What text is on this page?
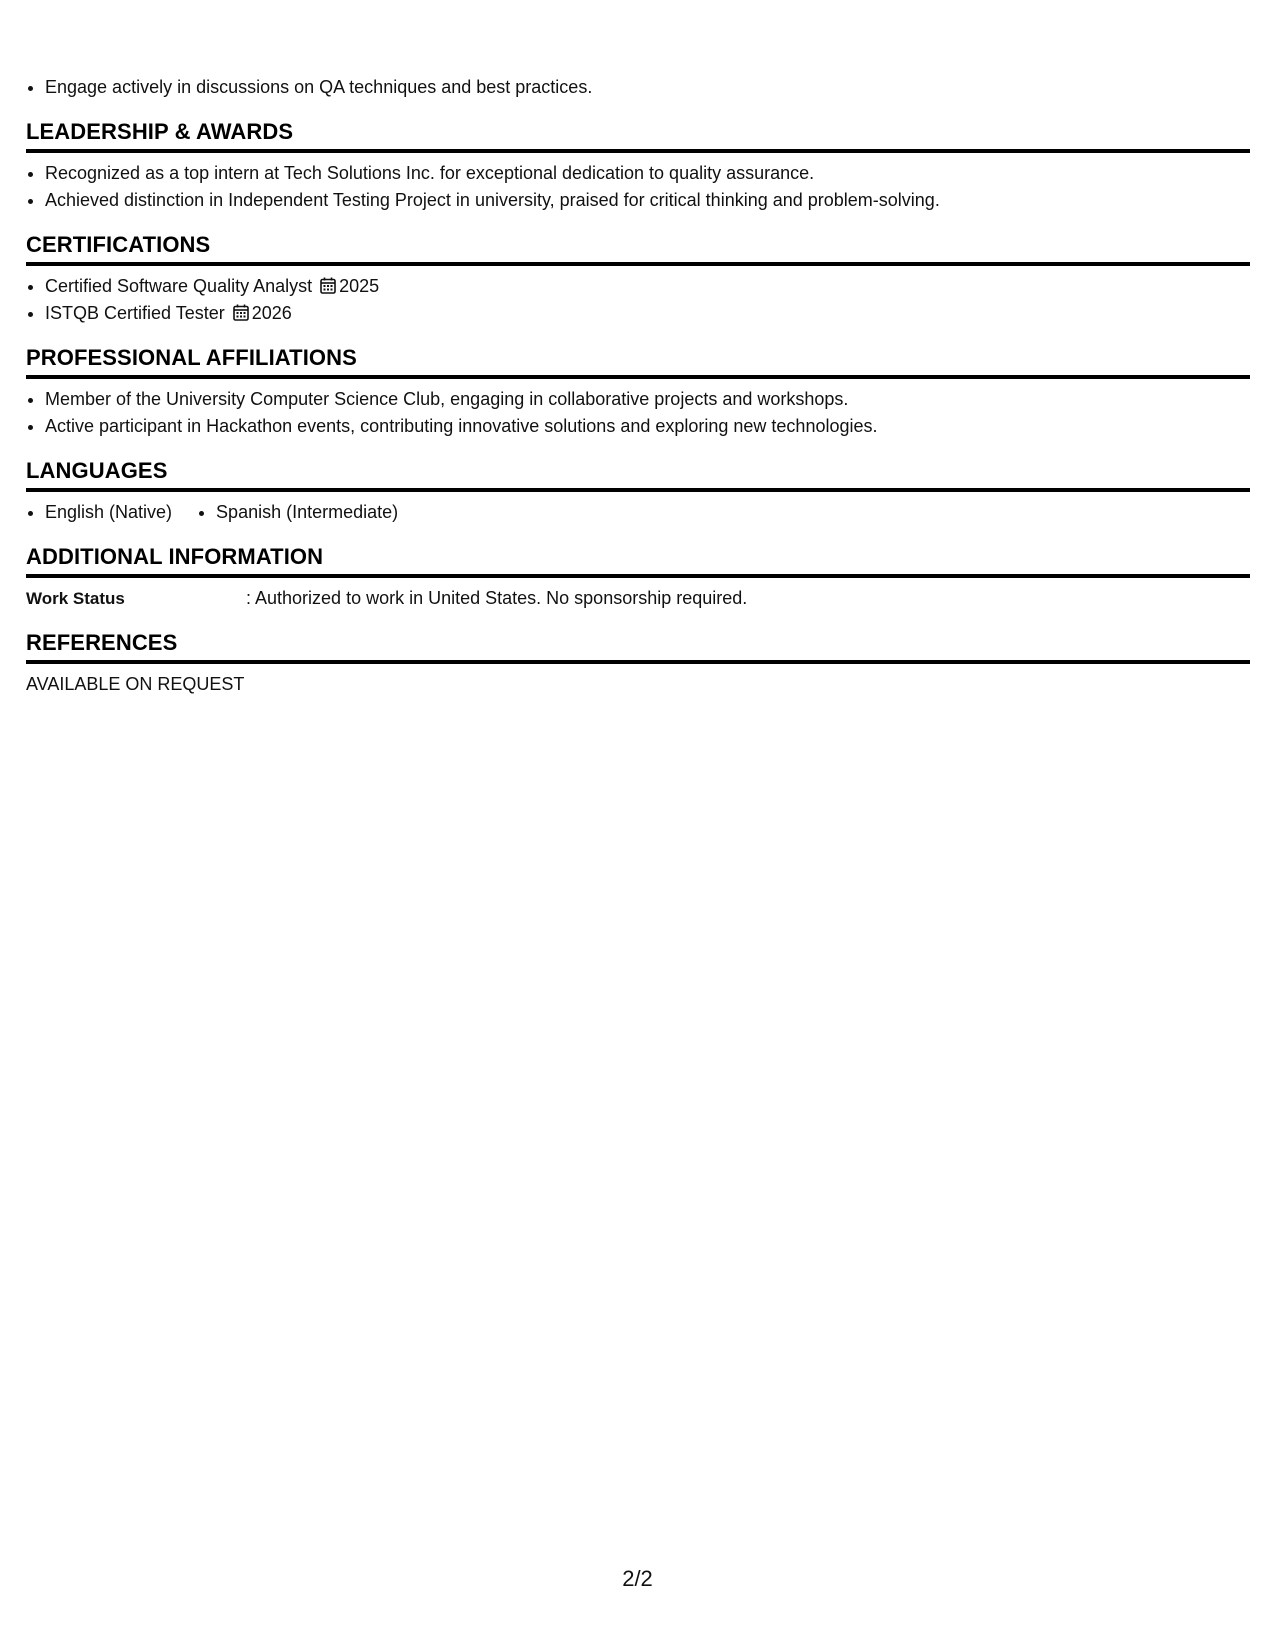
• Engage actively in discussions on QA techniques and best practices.
LEADERSHIP & AWARDS
• Recognized as a top intern at Tech Solutions Inc. for exceptional dedication to quality assurance.
• Achieved distinction in Independent Testing Project in university, praised for critical thinking and problem-solving.
CERTIFICATIONS
• Certified Software Quality Analyst 2025
• ISTQB Certified Tester 2026
PROFESSIONAL AFFILIATIONS
• Member of the University Computer Science Club, engaging in collaborative projects and workshops.
• Active participant in Hackathon events, contributing innovative solutions and exploring new technologies.
LANGUAGES
• English (Native)
• Spanish (Intermediate)
ADDITIONAL INFORMATION
Work Status	: Authorized to work in United States. No sponsorship required.
REFERENCES
AVAILABLE ON REQUEST
2/2
